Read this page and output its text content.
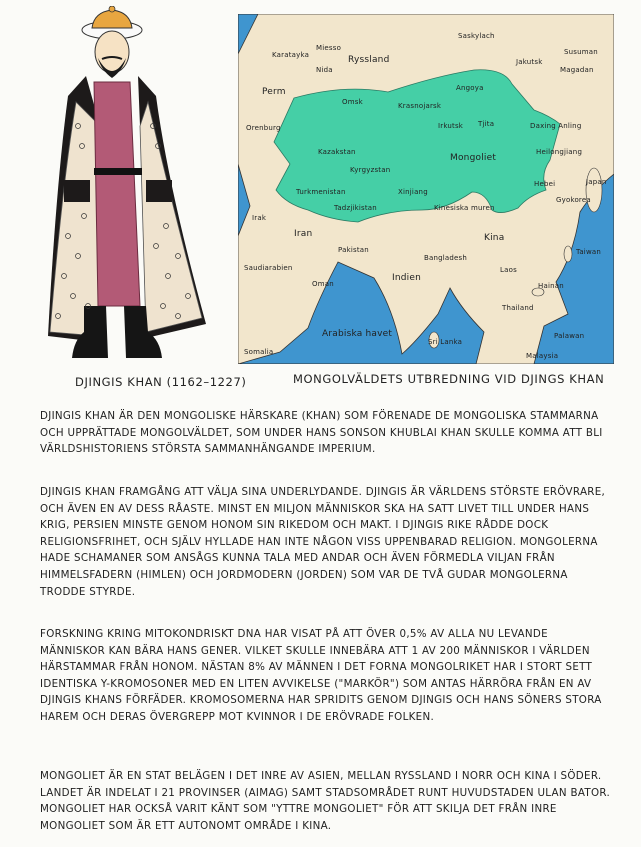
DJINGIS KHAN (1162–1227)
Karatayka
Miesso
Nida
Ryssland
Saskylach
Jakutsk
Susuman
Magadan
Perm	Angoya
Omsk	Krasnojarsk
Orenburg	Irkutsk Tjita	Daxing Anling
Kazakstan
Mongoliet
Heilongjiang
Kyrgyzstan
Turkmenistan	Xinjiang
Hebei	Japan
Tadzjikistan	Kinesiska muren
Gyokorea
Irak
Iran	Kina
Pakistan
Saudiarabien
Bangladesh
Taiwan
Indien
Laos
Oman	Hainan
Thailand
Arabiska havet
Sri Lanka
Palawan
Somalia	Malaysia
MONGOLVÄLDETS UTBREDNING VID DJINGS KHAN

DJINGIS KHAN ÄR DEN MONGOLISKE HÄRSKARE (KHAN) SOM FÖRENADE DE MONGOLISKA STAMMARNA OCH UPPRÄTTADE MONGOLVÄLDET, SOM UNDER HANS SONSON KHUBLAI KHAN SKULLE KOMMA ATT BLI VÄRLDSHISTORIENS STÖRSTA SAMMANHÄNGANDE IMPERIUM.

DJINGIS KHAN FRAMGÅNG ATT VÄLJA SINA UNDERLYDANDE. DJINGIS ÄR VÄRLDENS STÖRSTE ERÖVRARE, OCH ÄVEN EN AV DESS RÅASTE. MINST EN MILJON MÄNNISKOR SKA HA SATT LIVET TILL UNDER HANS KRIG, PERSIEN MINSTE GENOM HONOM SIN RIKEDOM OCH MAKT. I DJINGIS RIKE RÅDDE DOCK RELIGIONSFRIHET, OCH SJÄLV HYLLADE HAN INTE NÅGON VISS UPPENBARAD RELIGION. MONGOLERNA HADE SCHAMANER SOM ANSÅGS KUNNA TALA MED ANDAR OCH ÄVEN FÖRMEDLA VILJAN FRÅN HIMMELSFADERN (HIMLEN) OCH JORDMODERN (JORDEN) SOM VAR DE TVÅ GUDAR MONGOLERNA TRODDE STYRDE.

FORSKNING KRING MITOKONDRISKT DNA HAR VISAT PÅ ATT ÖVER 0,5% AV ALLA NU LEVANDE MÄNNISKOR KAN BÄRA HANS GENER. VILKET SKULLE INNEBÄRA ATT 1 AV 200 MÄNNISKOR I VÄRLDEN HÄRSTAMMAR FRÅN HONOM. NÄSTAN 8% AV MÄNNEN I DET FORNA MONGOLRIKET HAR I STORT SETT IDENTISKA Y-KROMOSONER MED EN LITEN AVVIKELSE ("MARKÖR") SOM ANTAS HÄRRÖRA FRÅN EN AV DJINGIS KHANS FÖRFÄDER. KROMOSOMERNA HAR SPRIDITS GENOM DJINGIS OCH HANS SÖNERS STORA HAREM OCH DERAS ÖVERGREPP MOT KVINNOR I DE ERÖVRADE FOLKEN.

MONGOLIET ÄR EN STAT BELÄGEN I DET INRE AV ASIEN, MELLAN RYSSLAND I NORR OCH KINA I SÖDER. LANDET ÄR INDELAT I 21 PROVINSER (AIMAG) SAMT STADSOMRÅDET RUNT HUVUDSTADEN ULAN BATOR. MONGOLIET HAR OCKSÅ VARIT KÄNT SOM "YTTRE MONGOLIET" FÖR ATT SKILJA DET FRÅN INRE MONGOLIET SOM ÄR ETT AUTONOMT OMRÅDE I KINA.
